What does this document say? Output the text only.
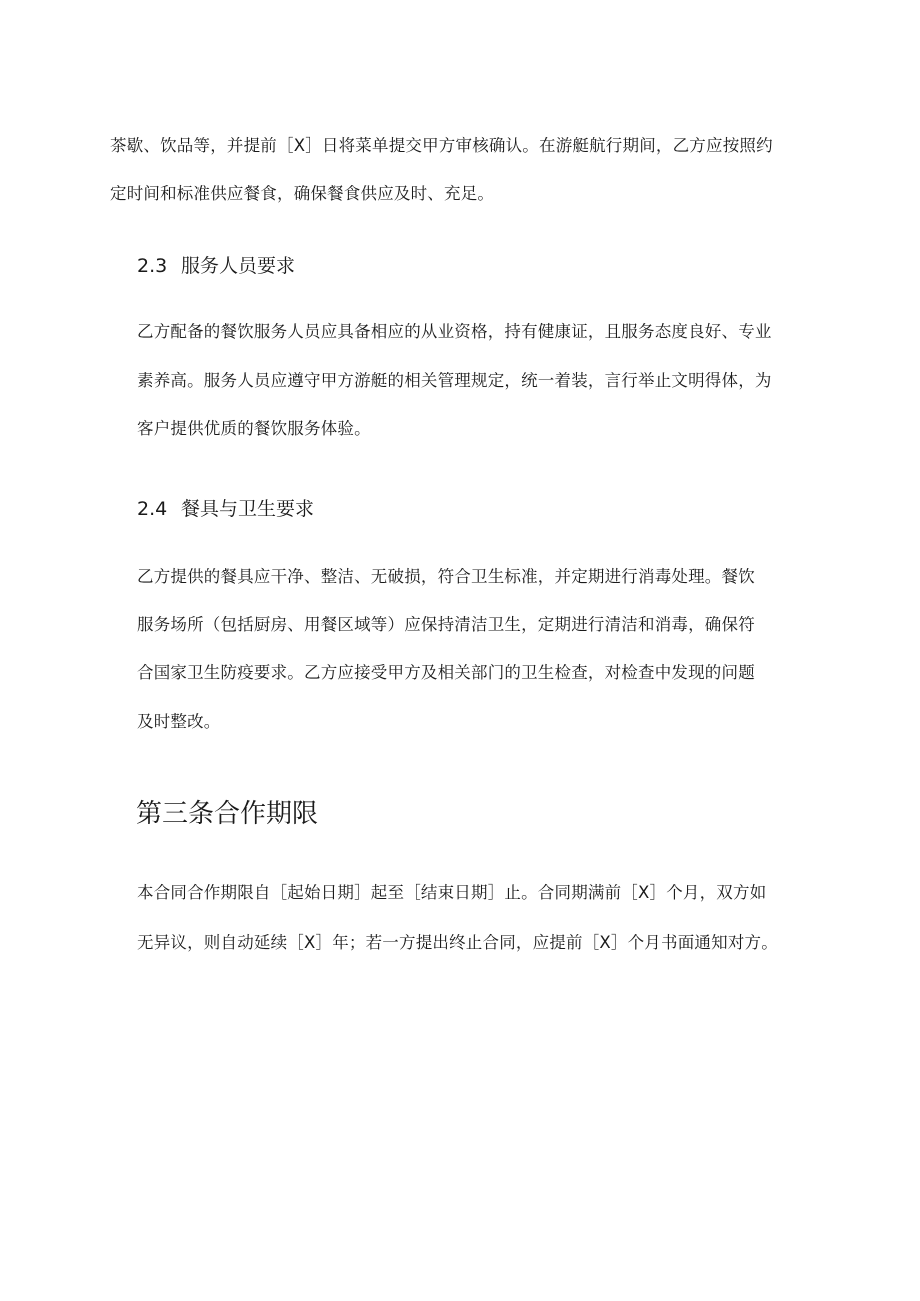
茶歇、饮品等，并提前［X］日将菜单提交甲方审核确认。在游艇航行期间，乙方应按照约
定时间和标准供应餐食，确保餐食供应及时、充足。
2.3 服务人员要求
乙方配备的餐饮服务人员应具备相应的从业资格，持有健康证，且服务态度良好、专业
素养高。服务人员应遵守甲方游艇的相关管理规定，统一着装，言行举止文明得体，为
客户提供优质的餐饮服务体验。
2.4 餐具与卫生要求
乙方提供的餐具应干净、整洁、无破损，符合卫生标准，并定期进行消毒处理。餐饮
服务场所（包括厨房、用餐区域等）应保持清洁卫生，定期进行清洁和消毒，确保符
合国家卫生防疫要求。乙方应接受甲方及相关部门的卫生检查，对检查中发现的问题
及时整改。
第三条合作期限
本合同合作期限自［起始日期］起至［结束日期］止。合同期满前［X］个月，双方如
无异议，则自动延续［X］年；若一方提出终止合同，应提前［X］个月书面通知对方。
